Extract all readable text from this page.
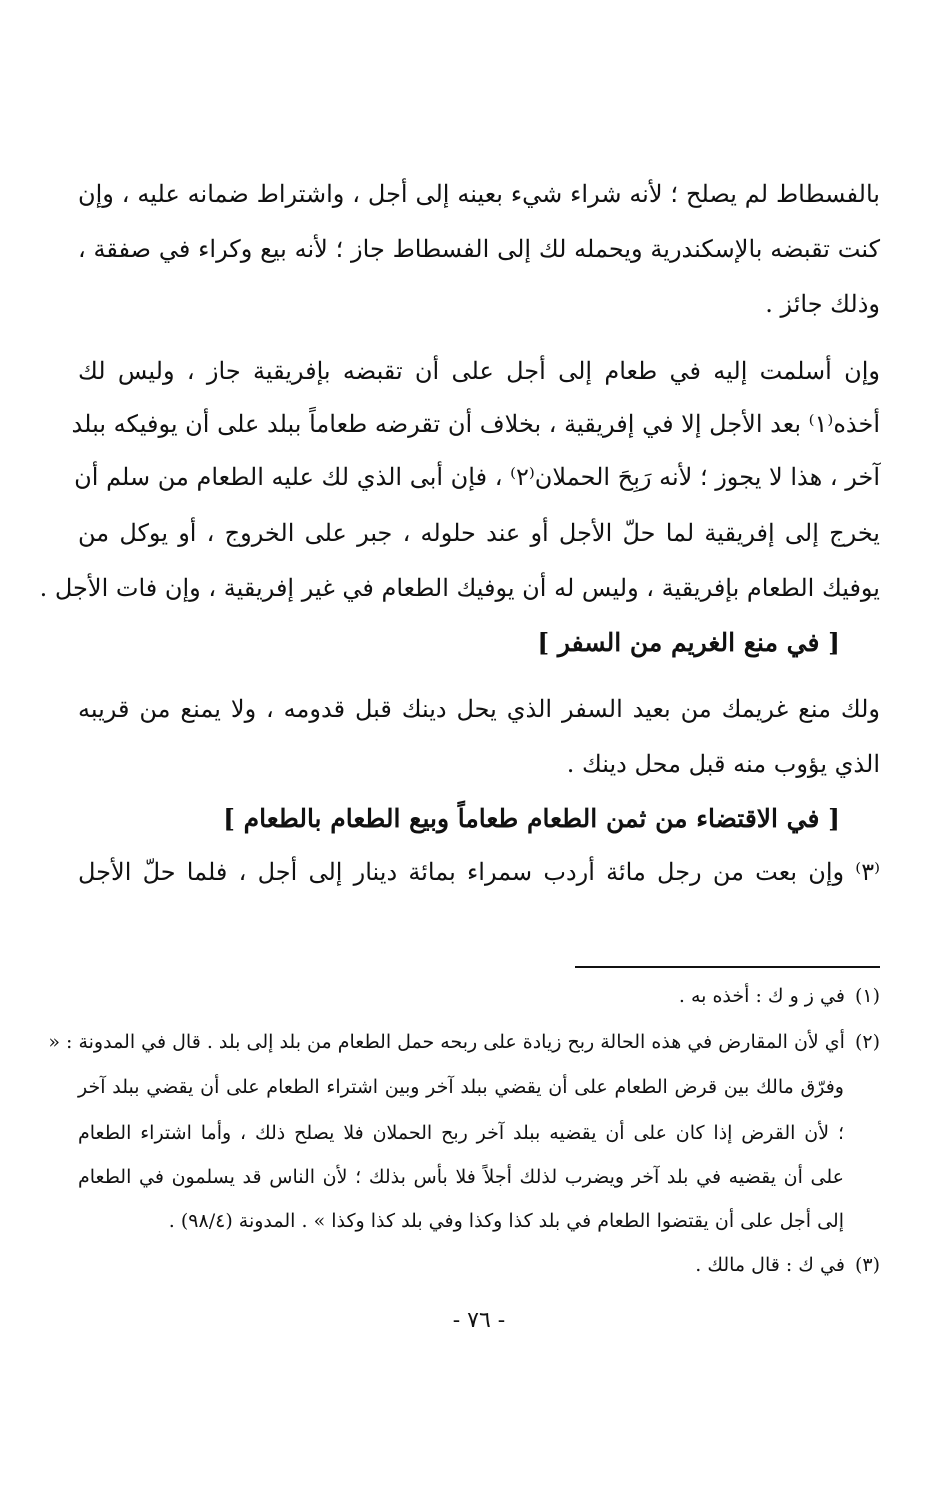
بالفسطاط لم يصلح ؛ لأنه شراء شيء بعينه إلى أجل ، واشتراط ضمانه عليه ، وإن
كنت تقبضه بالإسكندرية ويحمله لك إلى الفسطاط جاز ؛ لأنه بيع وكراء في صفقة ،
وذلك جائز .
وإن أسلمت إليه في طعام إلى أجل على أن تقبضه بإفريقية جاز ، وليس لك
أخذه⁽١⁾ بعد الأجل إلا في إفريقية ، بخلاف أن تقرضه طعاماً ببلد على أن يوفيكه ببلد
آخر ، هذا لا يجوز ؛ لأنه رَبِحَ الحملان⁽٢⁾ ، فإن أبى الذي لك عليه الطعام من سلم أن
يخرج إلى إفريقية لما حلّ الأجل أو عند حلوله ، جبر على الخروج ، أو يوكل من
يوفيك الطعام بإفريقية ، وليس له أن يوفيك الطعام في غير إفريقية ، وإن فات الأجل .
[ في منع الغريم من السفر ]
ولك منع غريمك من بعيد السفر الذي يحل دينك قبل قدومه ، ولا يمنع من قريبه
الذي يؤوب منه قبل محل دينك .
[ في الاقتضاء من ثمن الطعام طعاماً وبيع الطعام بالطعام ]
⁽٣⁾ وإن بعت من رجل مائة أردب سمراء بمائة دينار إلى أجل ، فلما حلّ الأجل
(١)في ز و ك : أخذه به .
(٢)أي لأن المقارض في هذه الحالة ربح زيادة على ربحه حمل الطعام من بلد إلى بلد . قال في المدونة : «
وفرّق مالك بين قرض الطعام على أن يقضي ببلد آخر وبين اشتراء الطعام على أن يقضي ببلد آخر
؛ لأن القرض إذا كان على أن يقضيه ببلد آخر ربح الحملان فلا يصلح ذلك ، وأما اشتراء الطعام
على أن يقضيه في بلد آخر ويضرب لذلك أجلاً فلا بأس بذلك ؛ لأن الناس قد يسلمون في الطعام
إلى أجل على أن يقتضوا الطعام في بلد كذا وكذا وفي بلد كذا وكذا » . المدونة (٩٨/٤) .
(٣)في ك : قال مالك .
- ٧٦ -
